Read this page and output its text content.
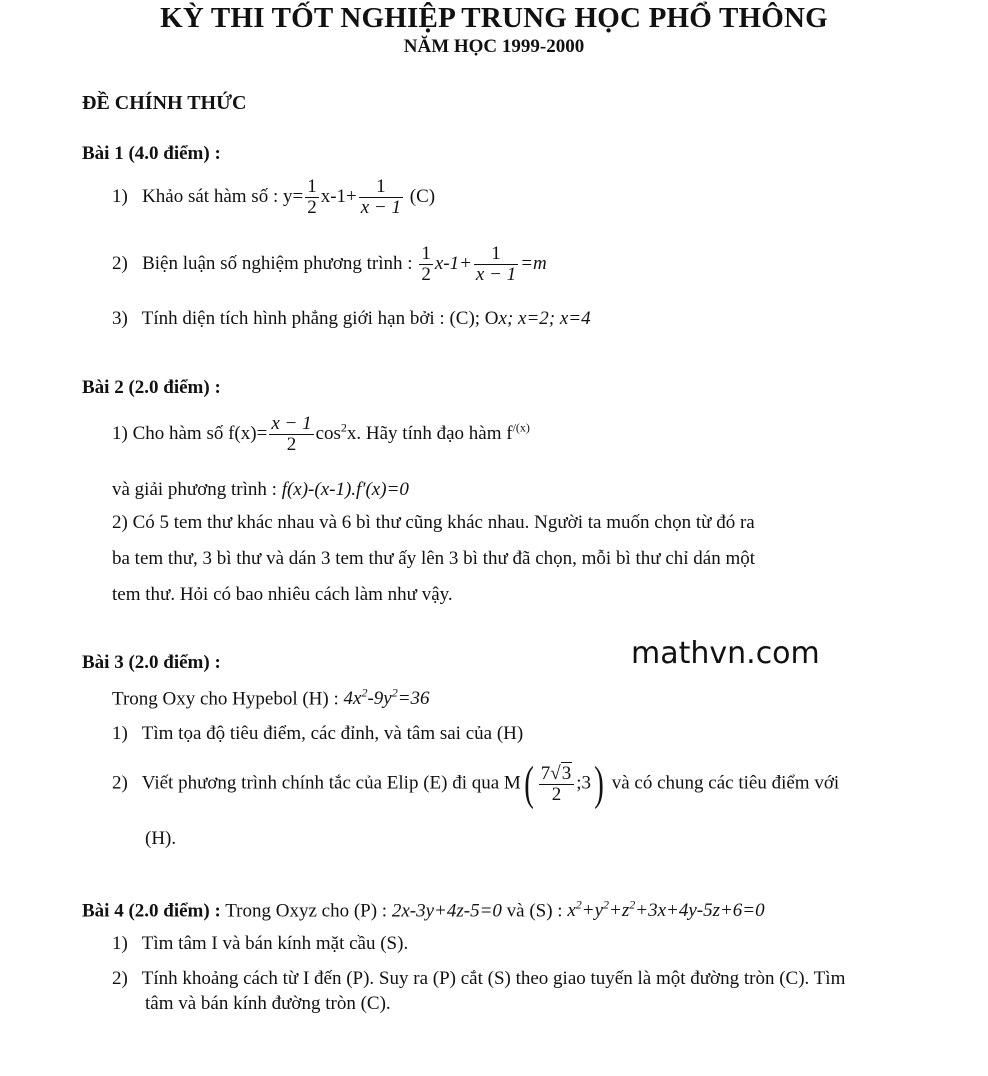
KỲ THI TỐT NGHIỆP TRUNG HỌC PHỔ THÔNG
NĂM HỌC 1999-2000
ĐỀ CHÍNH THỨC
Bài 1 (4.0 điểm) :
1) Khảo sát hàm số : $y= \frac{1}{2} x-1+ \frac{1}{x - 1} (C)$
2) Biện luận số nghiệm phương trình : $\frac{1}{2} x-1+ \frac{1}{x - 1} =m$
3) Tính diện tích hình phẳng giới hạn bởi : (C); Ox; x=2; x=4
Bài 2 (2.0 điểm) :
1) Cho hàm số $f(x)= \frac{x - 1}{2} \cos^2x$. Hãy tính đạo hàm $f^{/(x)}$
và giải phương trình : f(x)-(x-1).f′(x)=0
2) Có 5 tem thư khác nhau và 6 bì thư cũng khác nhau. Người ta muốn chọn từ đó ra
ba tem thư, 3 bì thư và dán 3 tem thư ấy lên 3 bì thư đã chọn, mỗi bì thư chỉ dán một
tem thư. Hỏi có bao nhiêu cách làm như vậy.
Bài 3 (2.0 điểm) :	mathvn.com
Trong Oxy cho Hypebol (H) : $4x^2-9y^2=36$
1) Tìm tọa độ tiêu điểm, các đỉnh, và tâm sai của (H)
2) Viết phương trình chính tắc của Elip (E) đi qua $M( \frac{7√3}{2}$ ;3) và có chung các tiêu điểm với
(H).
Bài 4 (2.0 điểm) : Trong Oxyz cho (P) : 2x-3y+4z-5=0 và (S) : $x^2+y^2+z^2+3x+4y-5z+6=0$
1) Tìm tâm I và bán kính mặt cầu (S).
2) Tính khoảng cách từ I đến (P). Suy ra (P) cắt (S) theo giao tuyến là một đường tròn (C). Tìm
tâm và bán kính đường tròn (C).
